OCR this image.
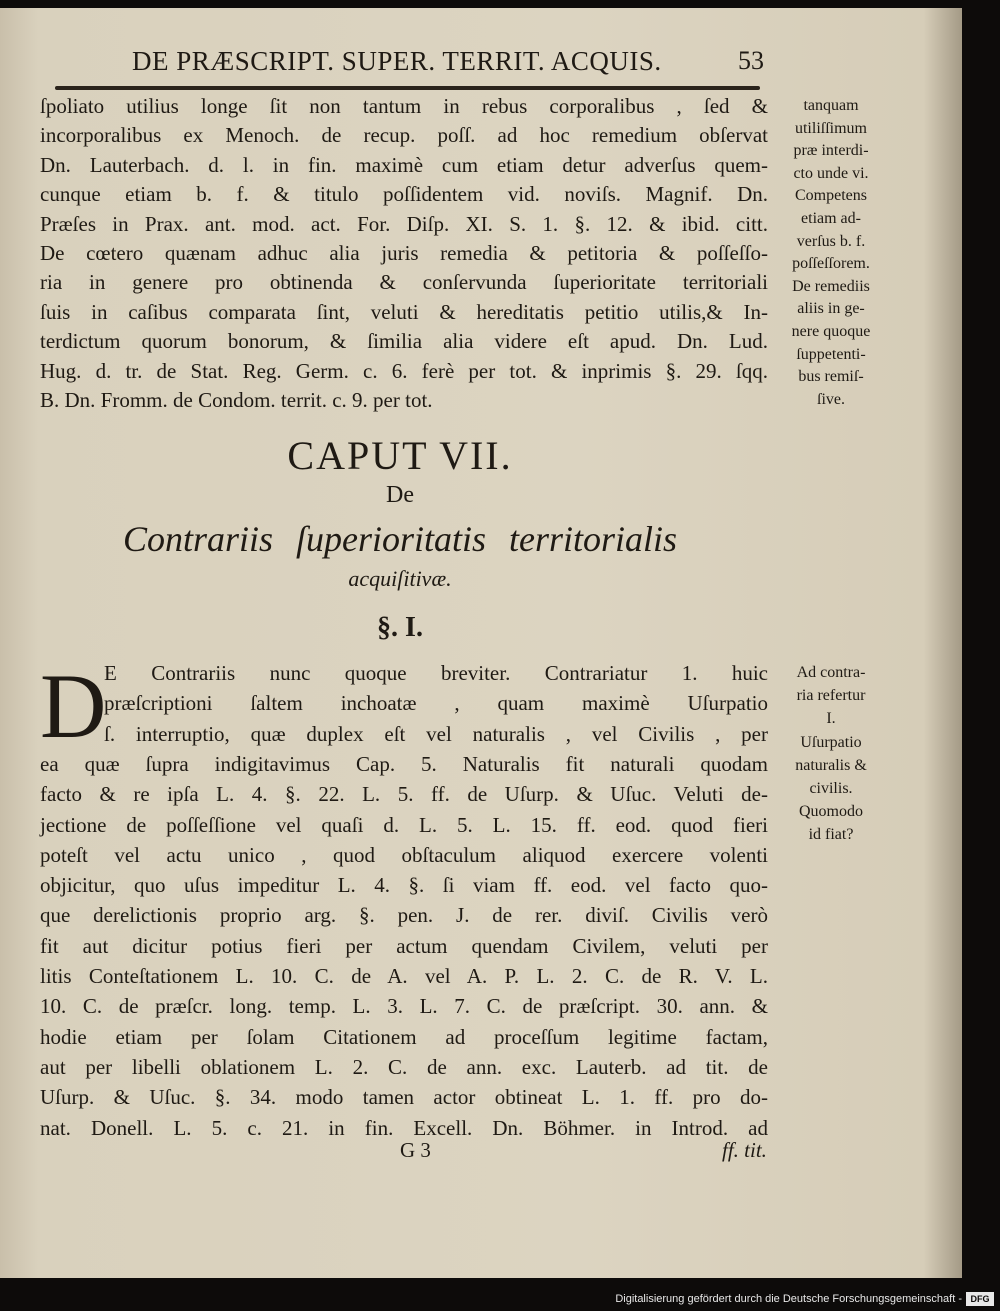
DE PRÆSCRIPT. SUPER. TERRIT. ACQUIS.	53
ſpoliato utilius longe ſit non tantum in rebus corporalibus , ſed &
incorporalibus ex Menoch. de recup. poſſ. ad hoc remedium obſervat
Dn. Lauterbach. d. l. in fin. maximè cum etiam detur adverſus quem-
cunque etiam b. f. & titulo poſſidentem vid. noviſs. Magnif. Dn.
Præſes in Prax. ant. mod. act. For. Diſp. XI. S. 1. §. 12. & ibid. citt.
De cœtero quænam adhuc alia juris remedia & petitoria & poſſeſſo-
ria in genere pro obtinenda & conſervunda ſuperioritate territoriali
ſuis in caſibus comparata ſint, veluti & hereditatis petitio utilis,& In-
terdictum quorum bonorum, & ſimilia alia videre eſt apud. Dn. Lud.
Hug. d. tr. de Stat. Reg. Germ. c. 6. ferè per tot. & inprimis §. 29. ſqq.
B. Dn. Fromm. de Condom. territ. c. 9. per tot.
tanquam
utiliſſimum
præ interdi-
cto unde vi.
Competens
etiam ad-
verſus b. f.
poſſeſſorem.
De remediis
aliis in ge-
nere quoque
ſuppetenti-
bus remiſ-
ſive.
CAPUT VII.
De
Contrariis ſuperioritatis territorialis
acquiſitivæ.
§. I.
D
E Contrariis nunc quoque breviter. Contrariatur 1. huic
præſcriptioni ſaltem inchoatæ , quam maximè Uſurpatio
ſ. interruptio, quæ duplex eſt vel naturalis , vel Civilis , per
ea quæ ſupra indigitavimus Cap. 5. Naturalis fit naturali quodam
facto & re ipſa L. 4. §. 22. L. 5. ff. de Uſurp. & Uſuc. Veluti de-
jectione de poſſeſſione vel quaſi d. L. 5. L. 15. ff. eod. quod fieri
poteſt vel actu unico , quod obſtaculum aliquod exercere volenti
objicitur, quo uſus impeditur L. 4. §. ſi viam ff. eod. vel facto quo-
que derelictionis proprio arg. §. pen. J. de rer. diviſ. Civilis verò
fit aut dicitur potius fieri per actum quendam Civilem, veluti per
litis Conteſtationem L. 10. C. de A. vel A. P. L. 2. C. de R. V. L.
10. C. de præſcr. long. temp. L. 3. L. 7. C. de præſcript. 30. ann. &
hodie etiam per ſolam Citationem ad proceſſum legitime factam,
aut per libelli oblationem L. 2. C. de ann. exc. Lauterb. ad tit. de
Uſurp. & Uſuc. §. 34. modo tamen actor obtineat L. 1. ff. pro do-
nat. Donell. L. 5. c. 21. in fin. Excell. Dn. Böhmer. in Introd. ad
Ad contra-
ria refertur
I.
Uſurpatio
naturalis &
civilis.
Quomodo
id fiat?
G 3	ff. tit.
Digitalisierung gefördert durch die Deutsche Forschungsgemeinschaft - DFG
